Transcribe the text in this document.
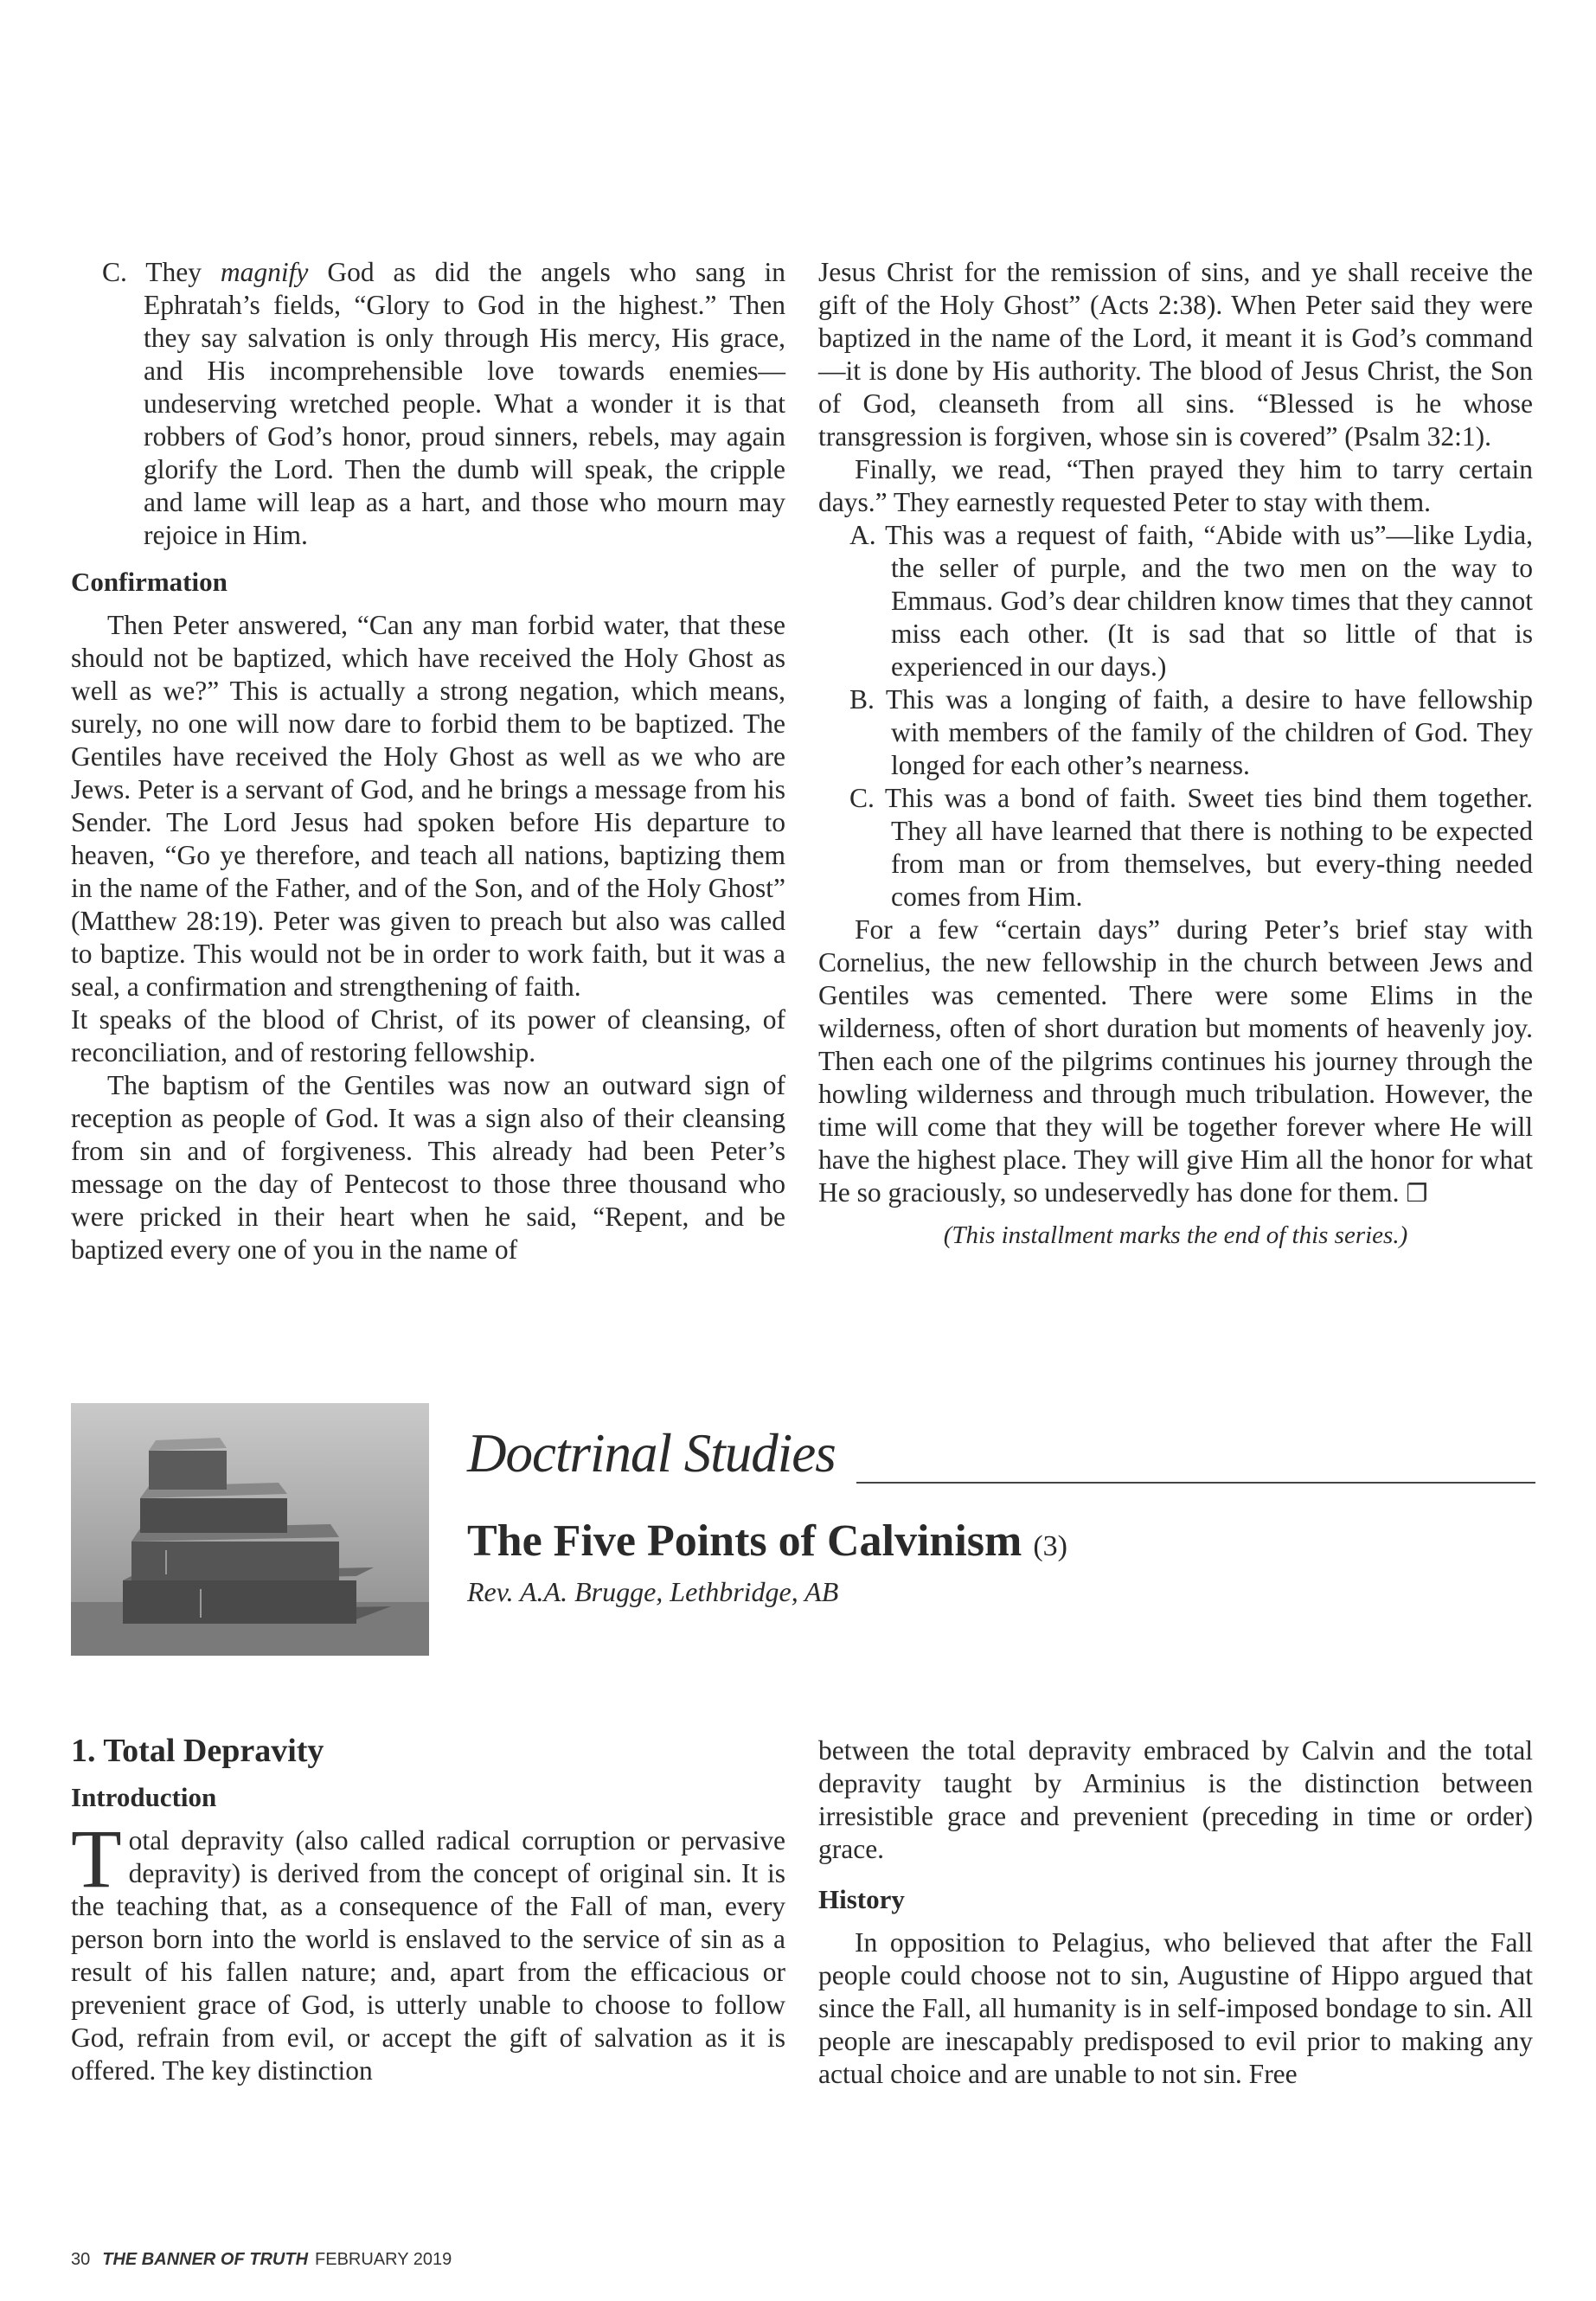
C. They magnify God as did the angels who sang in Ephratah’s fields, “Glory to God in the highest.” Then they say salvation is only through His mercy, His grace, and His incomprehensible love towards enemies—undeserving wretched people. What a wonder it is that robbers of God’s honor, proud sinners, rebels, may again glorify the Lord. Then the dumb will speak, the cripple and lame will leap as a hart, and those who mourn may rejoice in Him.

Confirmation

Then Peter answered, “Can any man forbid water, that these should not be baptized, which have received the Holy Ghost as well as we?” This is actually a strong negation, which means, surely, no one will now dare to forbid them to be baptized. The Gentiles have received the Holy Ghost as well as we who are Jews. Peter is a servant of God, and he brings a message from his Sender. The Lord Jesus had spoken before His departure to heaven, “Go ye therefore, and teach all nations, baptizing them in the name of the Father, and of the Son, and of the Holy Ghost” (Matthew 28:19). Peter was given to preach but also was called to baptize. This would not be in order to work faith, but it was a seal, a confirmation and strengthening of faith.

It speaks of the blood of Christ, of its power of cleansing, of reconciliation, and of restoring fellowship.

The baptism of the Gentiles was now an outward sign of reception as people of God. It was a sign also of their cleansing from sin and of forgiveness. This already had been Peter’s message on the day of Pentecost to those three thousand who were pricked in their heart when he said, “Repent, and be baptized every one of you in the name of

Jesus Christ for the remission of sins, and ye shall receive the gift of the Holy Ghost” (Acts 2:38). When Peter said they were baptized in the name of the Lord, it meant it is God’s command—it is done by His authority. The blood of Jesus Christ, the Son of God, cleanseth from all sins. “Blessed is he whose transgression is forgiven, whose sin is covered” (Psalm 32:1).

Finally, we read, “Then prayed they him to tarry certain days.” They earnestly requested Peter to stay with them.

A. This was a request of faith, “Abide with us”—like Lydia, the seller of purple, and the two men on the way to Emmaus. God’s dear children know times that they cannot miss each other. (It is sad that so little of that is experienced in our days.)

B. This was a longing of faith, a desire to have fellowship with members of the family of the children of God. They longed for each other’s nearness.

C. This was a bond of faith. Sweet ties bind them together. They all have learned that there is nothing to be expected from man or from themselves, but every-thing needed comes from Him.

For a few “certain days” during Peter’s brief stay with Cornelius, the new fellowship in the church between Jews and Gentiles was cemented. There were some Elims in the wilderness, often of short duration but moments of heavenly joy. Then each one of the pilgrims continues his journey through the howling wilderness and through much tribulation. However, the time will come that they will be together forever where He will have the highest place. They will give Him all the honor for what He so graciously, so undeservedly has done for them. ❐

(This installment marks the end of this series.)
Doctrinal Studies
The Five Points of Calvinism (3)
Rev. A.A. Brugge, Lethbridge, AB
1. Total Depravity
Introduction

Total depravity (also called radical corruption or pervasive depravity) is derived from the concept of original sin. It is the teaching that, as a consequence of the Fall of man, every person born into the world is enslaved to the service of sin as a result of his fallen nature; and, apart from the efficacious or prevenient grace of God, is utterly unable to choose to follow God, refrain from evil, or accept the gift of salvation as it is offered. The key distinction

between the total depravity embraced by Calvin and the total depravity taught by Arminius is the distinction between irresistible grace and prevenient (preceding in time or order) grace.

History

In opposition to Pelagius, who believed that after the Fall people could choose not to sin, Augustine of Hippo argued that since the Fall, all humanity is in self-imposed bondage to sin. All people are inescapably predisposed to evil prior to making any actual choice and are unable to not sin. Free

30 THE BANNER OF TRUTH FEBRUARY 2019
